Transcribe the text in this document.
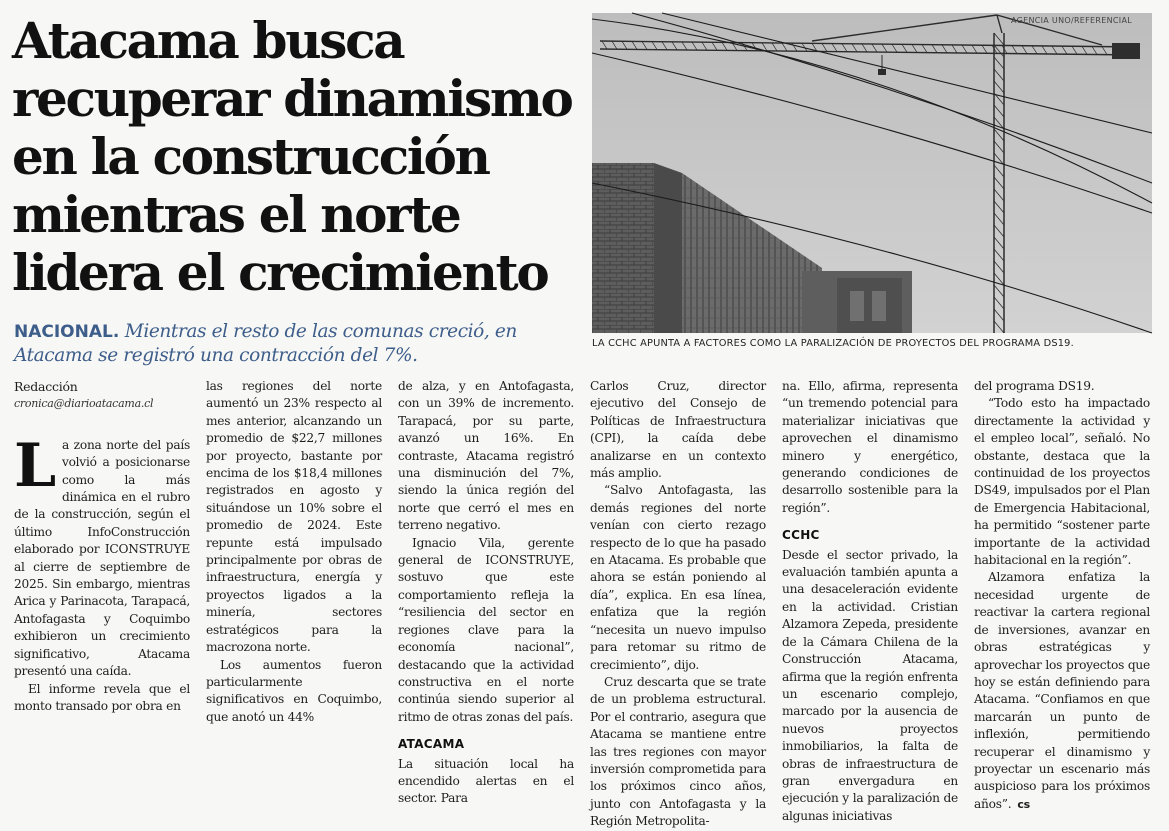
Atacama busca
recuperar dinamismo
en la construcción
mientras el norte
lidera el crecimiento
NACIONAL. Mientras el resto de las comunas creció, en Atacama se registró una contracción del 7%.
AGENCIA UNO/REFERENCIAL
LA CCHC APUNTA A FACTORES COMO LA PARALIZACIÓN DE PROYECTOS DEL PROGRAMA DS19.

Redacción

cronica@diarioatacama.cl

La zona norte del país volvió a posicionarse como la más dinámica en el rubro de la construcción, según el último InfoConstrucción elaborado por ICONSTRUYE al cierre de septiembre de 2025. Sin embargo, mientras Arica y Parinacota, Tarapacá, Antofagasta y Coquimbo exhibieron un crecimiento significativo, Atacama presentó una caída.

El informe revela que el monto transado por obra en

las regiones del norte aumentó un 23% respecto al mes anterior, alcanzando un promedio de $22,7 millones por proyecto, bastante por encima de los $18,4 millones registrados en agosto y situándose un 10% sobre el promedio de 2024. Este repunte está impulsado principalmente por obras de infraestructura, energía y proyectos ligados a la minería, sectores estratégicos para la macrozona norte.

Los aumentos fueron particularmente significativos en Coquimbo, que anotó un 44%

de alza, y en Antofagasta, con un 39% de incremento. Tarapacá, por su parte, avanzó un 16%. En contraste, Atacama registró una disminución del 7%, siendo la única región del norte que cerró el mes en terreno negativo.

Ignacio Vila, gerente general de ICONSTRUYE, sostuvo que este comportamiento refleja la “resiliencia del sector en regiones clave para la economía nacional”, destacando que la actividad constructiva en el norte continúa siendo superior al ritmo de otras zonas del país.

ATACAMA

La situación local ha encendido alertas en el sector. Para

Carlos Cruz, director ejecutivo del Consejo de Políticas de Infraestructura (CPI), la caída debe analizarse en un contexto más amplio.

“Salvo Antofagasta, las demás regiones del norte venían con cierto rezago respecto de lo que ha pasado en Atacama. Es probable que ahora se están poniendo al día”, explica. En esa línea, enfatiza que la región “necesita un nuevo impulso para retomar su ritmo de crecimiento”, dijo.

Cruz descarta que se trate de un problema estructural. Por el contrario, asegura que Atacama se mantiene entre las tres regiones con mayor inversión comprometida para los próximos cinco años, junto con Antofagasta y la Región Metropolita-

na. Ello, afirma, representa “un tremendo potencial para materializar iniciativas que aprovechen el dinamismo minero y energético, generando condiciones de desarrollo sostenible para la región”.

CCHC

Desde el sector privado, la evaluación también apunta a una desaceleración evidente en la actividad. Cristian Alzamora Zepeda, presidente de la Cámara Chilena de la Construcción Atacama, afirma que la región enfrenta un escenario complejo, marcado por la ausencia de nuevos proyectos inmobiliarios, la falta de obras de infraestructura de gran envergadura en ejecución y la paralización de algunas iniciativas

del programa DS19.

“Todo esto ha impactado directamente la actividad y el empleo local”, señaló. No obstante, destaca que la continuidad de los proyectos DS49, impulsados por el Plan de Emergencia Habitacional, ha permitido “sostener parte importante de la actividad habitacional en la región”.

Alzamora enfatiza la necesidad urgente de reactivar la cartera regional de inversiones, avanzar en obras estratégicas y aprovechar los proyectos que hoy se están definiendo para Atacama. “Confiamos en que marcarán un punto de inflexión, permitiendo recuperar el dinamismo y proyectar un escenario más auspicioso para los próximos años”. cs
